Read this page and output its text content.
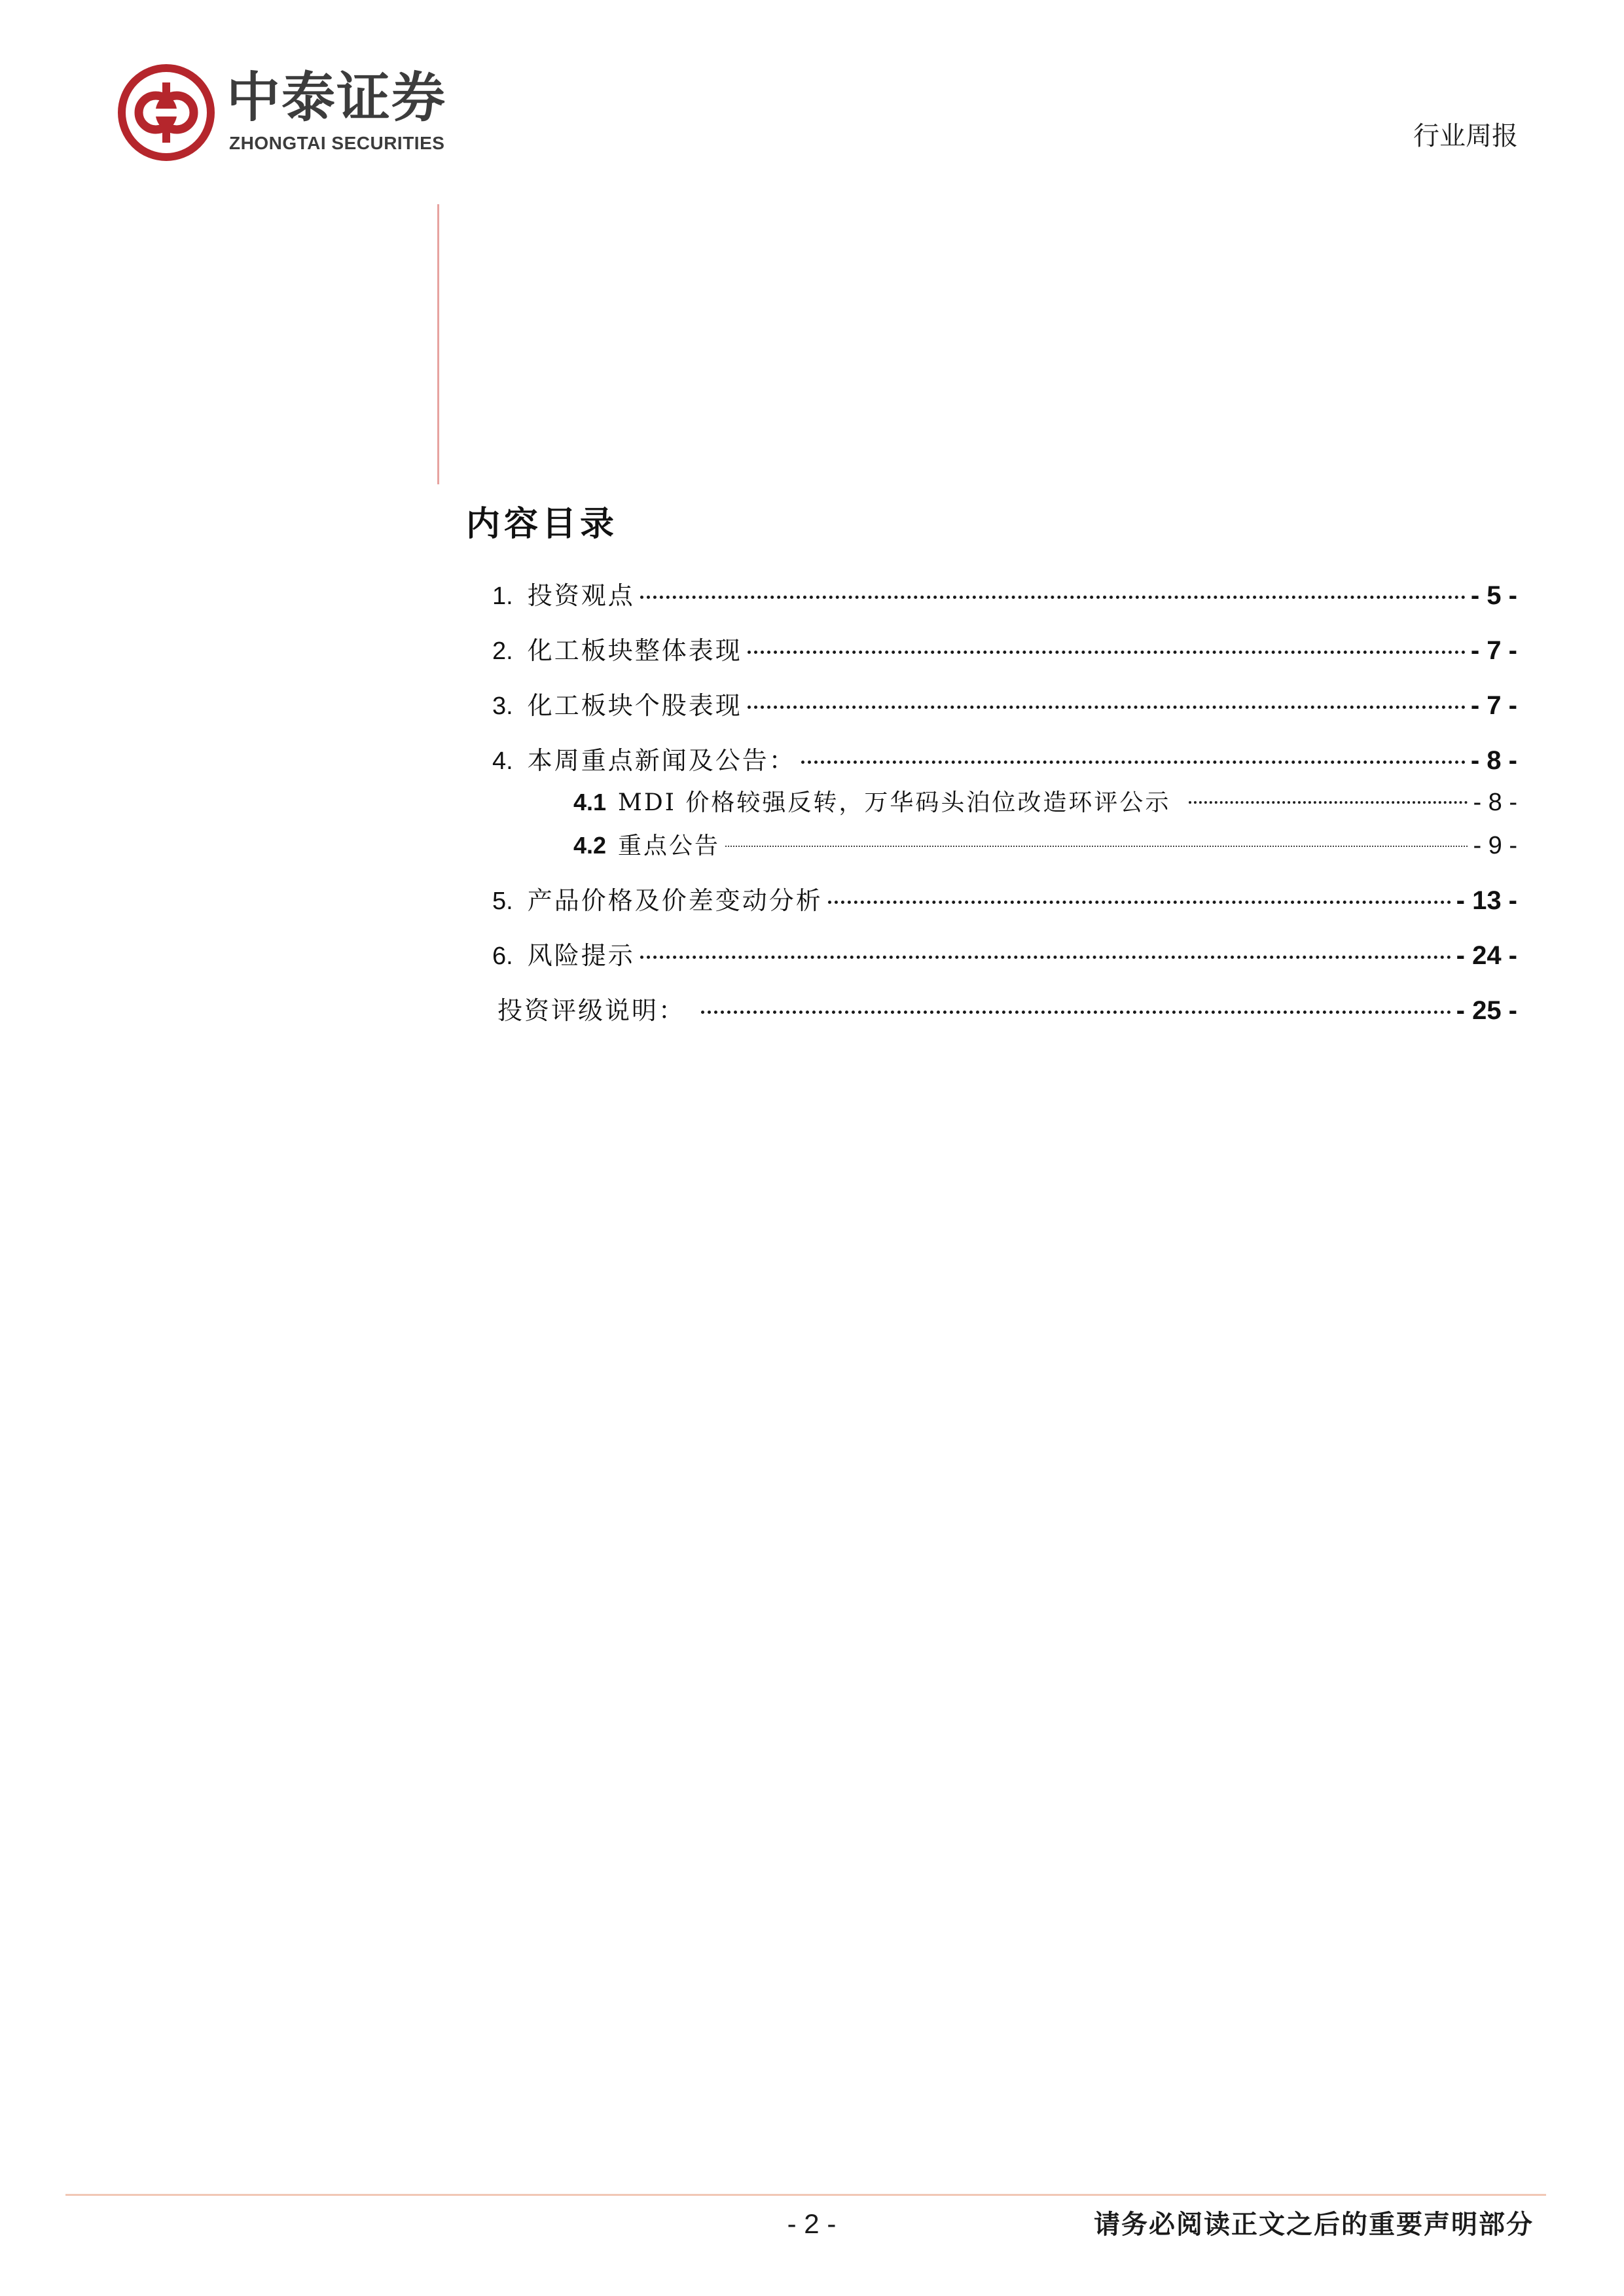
中泰证券
ZHONGTAI SECURITIES	行业周报
内容目录
1. 投资观点	- 5 -
2. 化工板块整体表现	- 7 -
3. 化工板块个股表现	- 7 -
4. 本周重点新闻及公告：	- 8 -
4.1 MDI 价格较强反转，万华码头泊位改造环评公示	- 8 -
4.2 重点公告	- 9 -
5. 产品价格及价差变动分析	- 13 -
6. 风险提示	- 24 -
投资评级说明：	- 25 -
- 2 -	请务必阅读正文之后的重要声明部分
